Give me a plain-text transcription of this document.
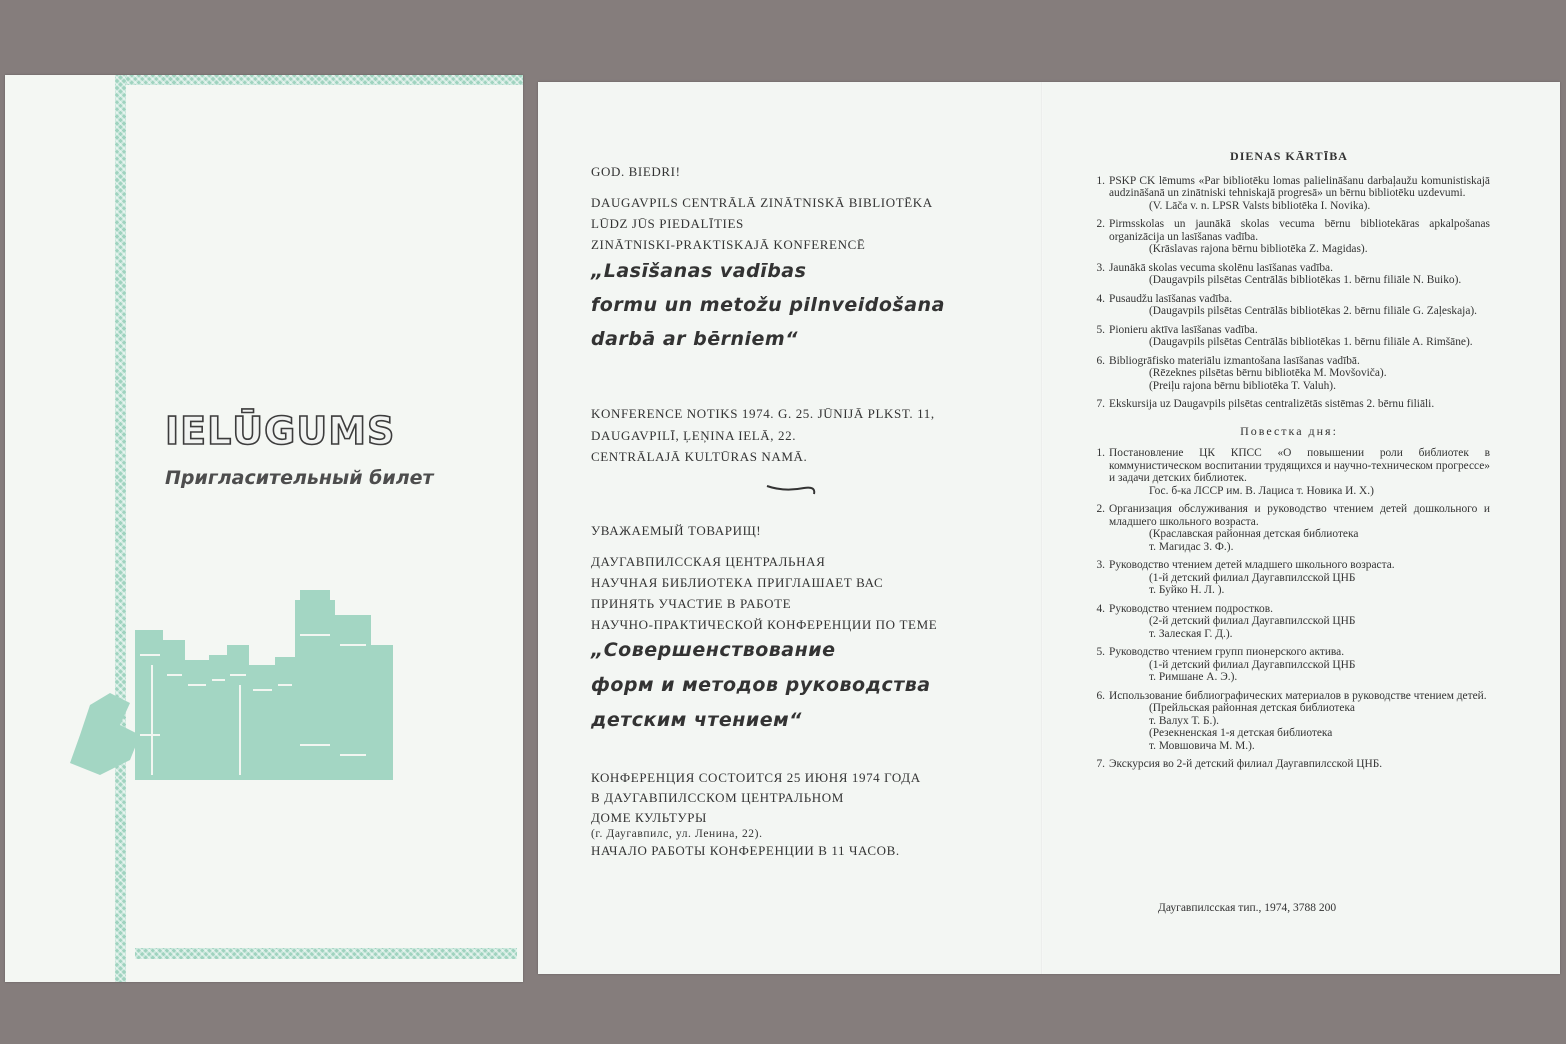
IELŪGUMS
Пригласительный билет
GOD. BIEDRI!

DAUGAVPILS CENTRĀLĀ ZINĀTNISKĀ BIBLIOTĒKA

LŪDZ JŪS PIEDALĪTIES

ZINĀTNISKI-PRAKTISKAJĀ KONFERENCĒ

„Lasīšanas vadības

formu un metožu pilnveidošana

darbā ar bērniem“

KONFERENCE NOTIKS 1974. G. 25. JŪNIJĀ PLKST. 11,

DAUGAVPILĪ, ĻEŅINA IELĀ, 22.

CENTRĀLAJĀ KULTŪRAS NAMĀ.

УВАЖАЕМЫЙ ТОВАРИЩ!

ДАУГАВПИЛССКАЯ ЦЕНТРАЛЬНАЯ

НАУЧНАЯ БИБЛИОТЕКА ПРИГЛАШАЕТ ВАС

ПРИНЯТЬ УЧАСТИЕ В РАБОТЕ

НАУЧНО-ПРАКТИЧЕСКОЙ КОНФЕРЕНЦИИ ПО ТЕМЕ

„Совершенствование

форм и методов руководства

детским чтением“

КОНФЕРЕНЦИЯ СОСТОИТСЯ 25 ИЮНЯ 1974 ГОДА

В ДАУГАВПИЛССКОМ ЦЕНТРАЛЬНОМ

ДОМЕ КУЛЬТУРЫ

(г. Даугавпилс, ул. Ленина, 22).

НАЧАЛО РАБОТЫ КОНФЕРЕНЦИИ В 11 ЧАСОВ.

DIENAS KĀRTĪBA
1. PSKP CK lēmums «Par bibliotēku lomas palielināšanu darbaļaužu komunistiskajā audzināšanā un zinātniski tehniskajā progresā» un bērnu bibliotēku uzdevumi.
(V. Lāča v. n. LPSR Valsts bibliotēka I. Novika).
2. Pirmsskolas un jaunākā skolas vecuma bērnu bibliotekāras apkalpošanas organizācija un lasīšanas vadība.
(Krāslavas rajona bērnu bibliotēka Z. Magidas).
3. Jaunākā skolas vecuma skolēnu lasīšanas vadība.
(Daugavpils pilsētas Centrālās bibliotēkas 1. bērnu filiāle N. Buiko).
4. Pusaudžu lasīšanas vadība.
(Daugavpils pilsētas Centrālās bibliotēkas 2. bērnu filiāle G. Zaļeskaja).
5. Pionieru aktīva lasīšanas vadība.
(Daugavpils pilsētas Centrālās bibliotēkas 1. bērnu filiāle A. Rimšāne).
6. Bibliogrāfisko materiālu izmantošana lasīšanas vadībā.
(Rēzeknes pilsētas bērnu bibliotēka M. Movšoviča).
(Preiļu rajona bērnu bibliotēka T. Valuh).
7. Ekskursija uz Daugavpils pilsētas centralizētās sistēmas 2. bērnu filiāli.
Повестка дня:
1. Постановление ЦК КПСС «О повышении роли библиотек в коммунистическом воспитании трудящихся и научно-техническом прогрессе» и задачи детских библиотек.
Гос. б-ка ЛССР им. В. Лациса т. Новика И. Х.)
2. Организация обслуживания и руководство чтением детей дошкольного и младшего школьного возраста.
(Краславская районная детская библиотека
т. Магидас З. Ф.).
3. Руководство чтением детей младшего школьного возраста.
(1-й детский филиал Даугавпилсской ЦНБ
т. Буйко Н. Л. ).
4. Руководство чтением подростков.
(2-й детский филиал Даугавпилсской ЦНБ
т. Залеская Г. Д.).
5. Руководство чтением групп пионерского актива.
(1-й детский филиал Даугавпилсской ЦНБ
т. Римшане А. Э.).
6. Использование библиографических материалов в руководстве чтением детей.
(Прейльская районная детская библиотека
т. Валух Т. Б.).
(Резекненская 1-я детская библиотека
т. Мовшовича М. М.).
7. Экскурсия во 2-й детский филиал Даугавпилсской ЦНБ.
Даугавпилсская тип., 1974, 3788 200
